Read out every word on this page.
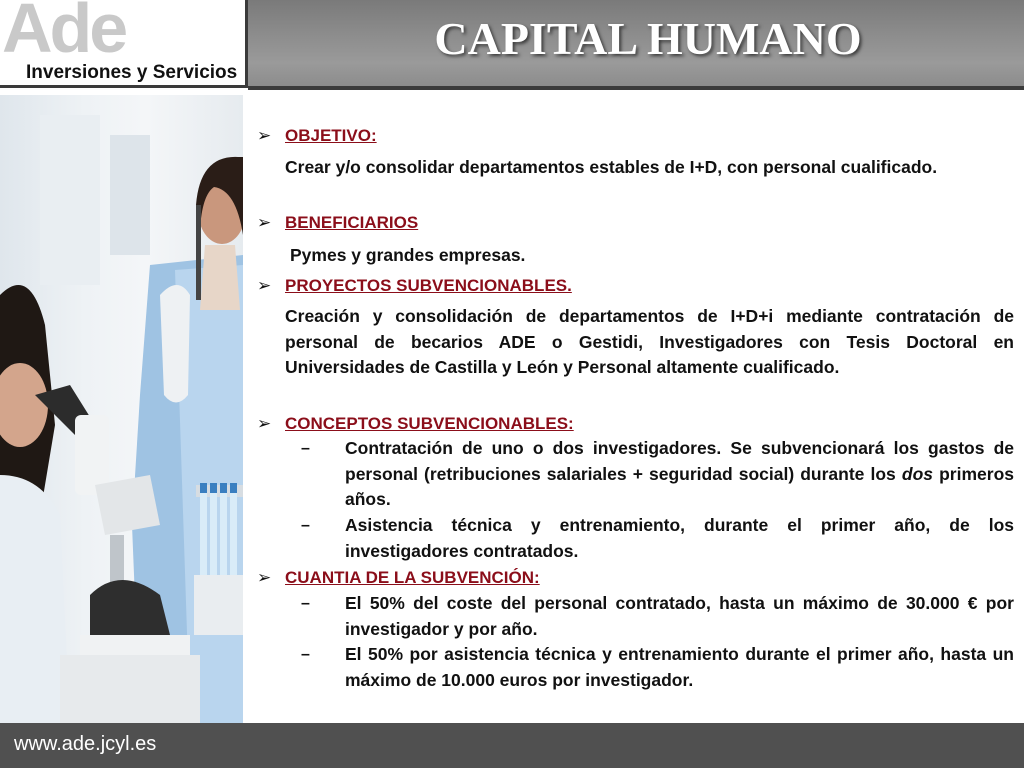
Ade
Inversiones y Servicios
CAPITAL HUMANO
➢ OBJETIVO:
Crear y/o consolidar departamentos estables de I+D, con personal cualificado.
➢ BENEFICIARIOS
Pymes y grandes empresas.
➢ PROYECTOS SUBVENCIONABLES.
Creación y consolidación de departamentos de I+D+i mediante contratación de personal de becarios ADE o Gestidi, Investigadores con Tesis Doctoral en Universidades de Castilla y León y Personal altamente cualificado.
➢ CONCEPTOS SUBVENCIONABLES:
–	Contratación de uno o dos investigadores. Se subvencionará los gastos de personal (retribuciones salariales + seguridad social) durante los dos primeros años.
–	Asistencia técnica y entrenamiento, durante el primer año, de los investigadores contratados.
➢ CUANTIA DE LA SUBVENCIÓN:
–	El 50% del coste del personal contratado, hasta un máximo de 30.000 € por investigador y por año.
–	El 50% por asistencia técnica y entrenamiento durante el primer año, hasta un máximo de 10.000 euros por investigador.
www.ade.jcyl.es
